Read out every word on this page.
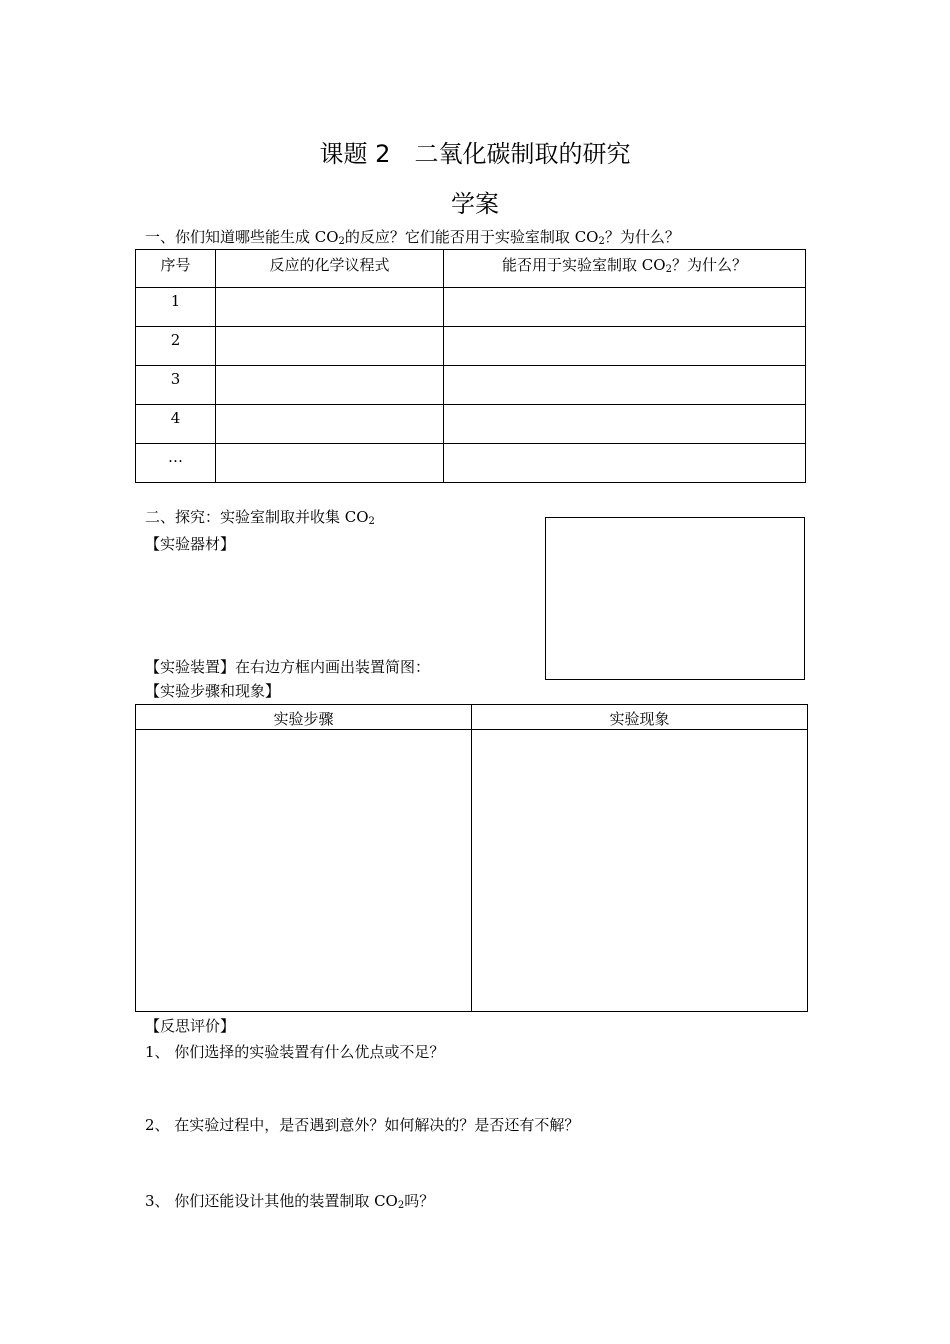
课题 2　二氧化碳制取的研究
学案
一、你们知道哪些能生成 $CO_2$的反应？它们能否用于实验室制取 $CO_2$？为什么？
序号	反应的化学议程式	能否用于实验室制取 $CO_2$？为什么？

1		

2		

3		

4		

…		

二、探究：实验室制取并收集 $CO_2$
【实验器材】
【实验装置】在右边方框内画出装置简图：
【实验步骤和现象】
实验步骤	实验现象

【反思评价】
1、 你们选择的实验装置有什么优点或不足？
2、 在实验过程中，是否遇到意外？如何解决的？是否还有不解？
3、 你们还能设计其他的装置制取 $CO_2$吗？
